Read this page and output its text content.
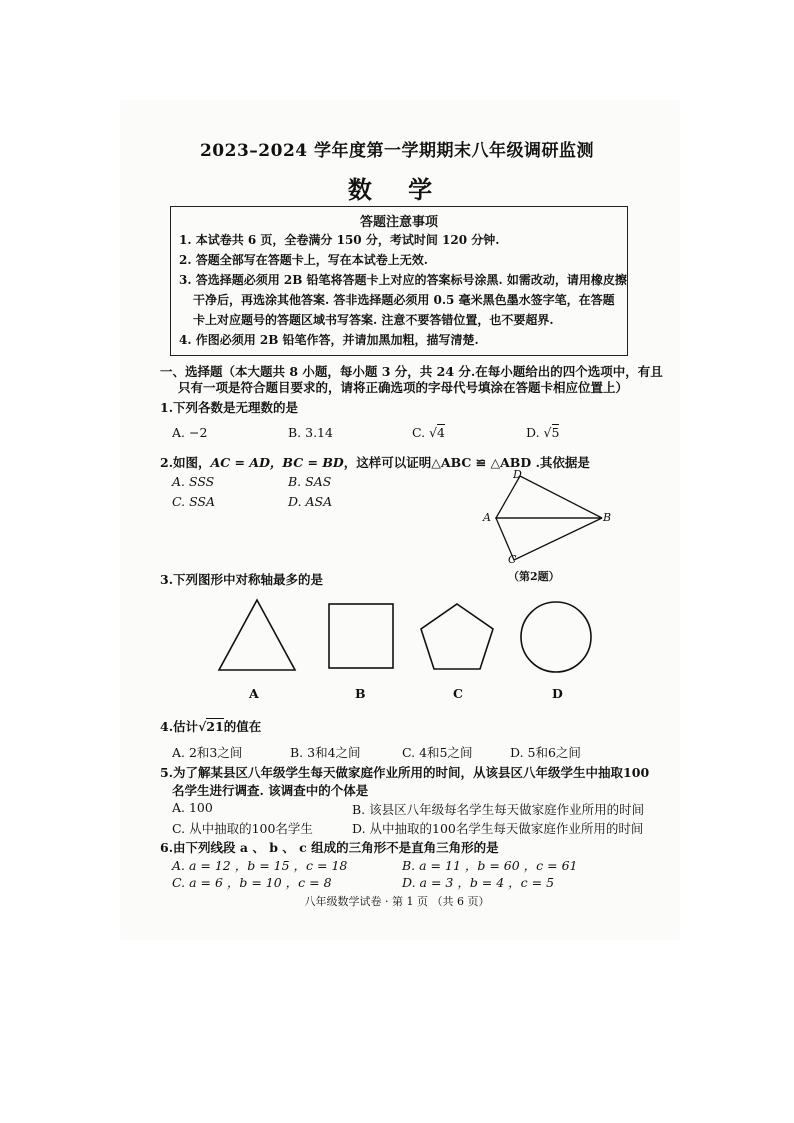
2023–2024 学年度第一学期期末八年级调研监测
数 学
答题注意事项
1. 本试卷共 6 页，全卷满分 150 分，考试时间 120 分钟.
2. 答题全部写在答题卡上，写在本试卷上无效.
3. 答选择题必须用 2B 铅笔将答题卡上对应的答案标号涂黑. 如需改动，请用橡皮擦
干净后，再选涂其他答案. 答非选择题必须用 0.5 毫米黑色墨水签字笔，在答题
卡上对应题号的答题区域书写答案. 注意不要答错位置，也不要超界.
4. 作图必须用 2B 铅笔作答，并请加黑加粗，描写清楚.
一、选择题（本大题共 8 小题，每小题 3 分，共 24 分.在每小题给出的四个选项中，有且
只有一项是符合题目要求的，请将正确选项的字母代号填涂在答题卡相应位置上）
1.下列各数是无理数的是
A. −2	B. 3.14	C. √4	D. √5
2.如图，AC = AD，BC = BD，这样可以证明△ABC ≌ △ABD .其依据是
A. SSS	B. SAS
C. SSA	D. ASA
A	B
C
D
（第2题）
3.下列图形中对称轴最多的是
A	B	C	D
4.估计√21的值在
A. 2和3之间	B. 3和4之间	C. 4和5之间	D. 5和6之间
5.为了解某县区八年级学生每天做家庭作业所用的时间，从该县区八年级学生中抽取100
名学生进行调查. 该调查中的个体是
A. 100	B. 该县区八年级每名学生每天做家庭作业所用的时间
C. 从中抽取的100名学生	D. 从中抽取的100名学生每天做家庭作业所用的时间
6.由下列线段 a 、 b 、 c 组成的三角形不是直角三角形的是
A. a = 12 ，b = 15 ，c = 18	B. a = 11 ，b = 60 ，c = 61
C. a = 6 ，b = 10 ，c = 8	D. a = 3 ，b = 4 ，c = 5
八年级数学试卷 · 第 1 页 （共 6 页）
